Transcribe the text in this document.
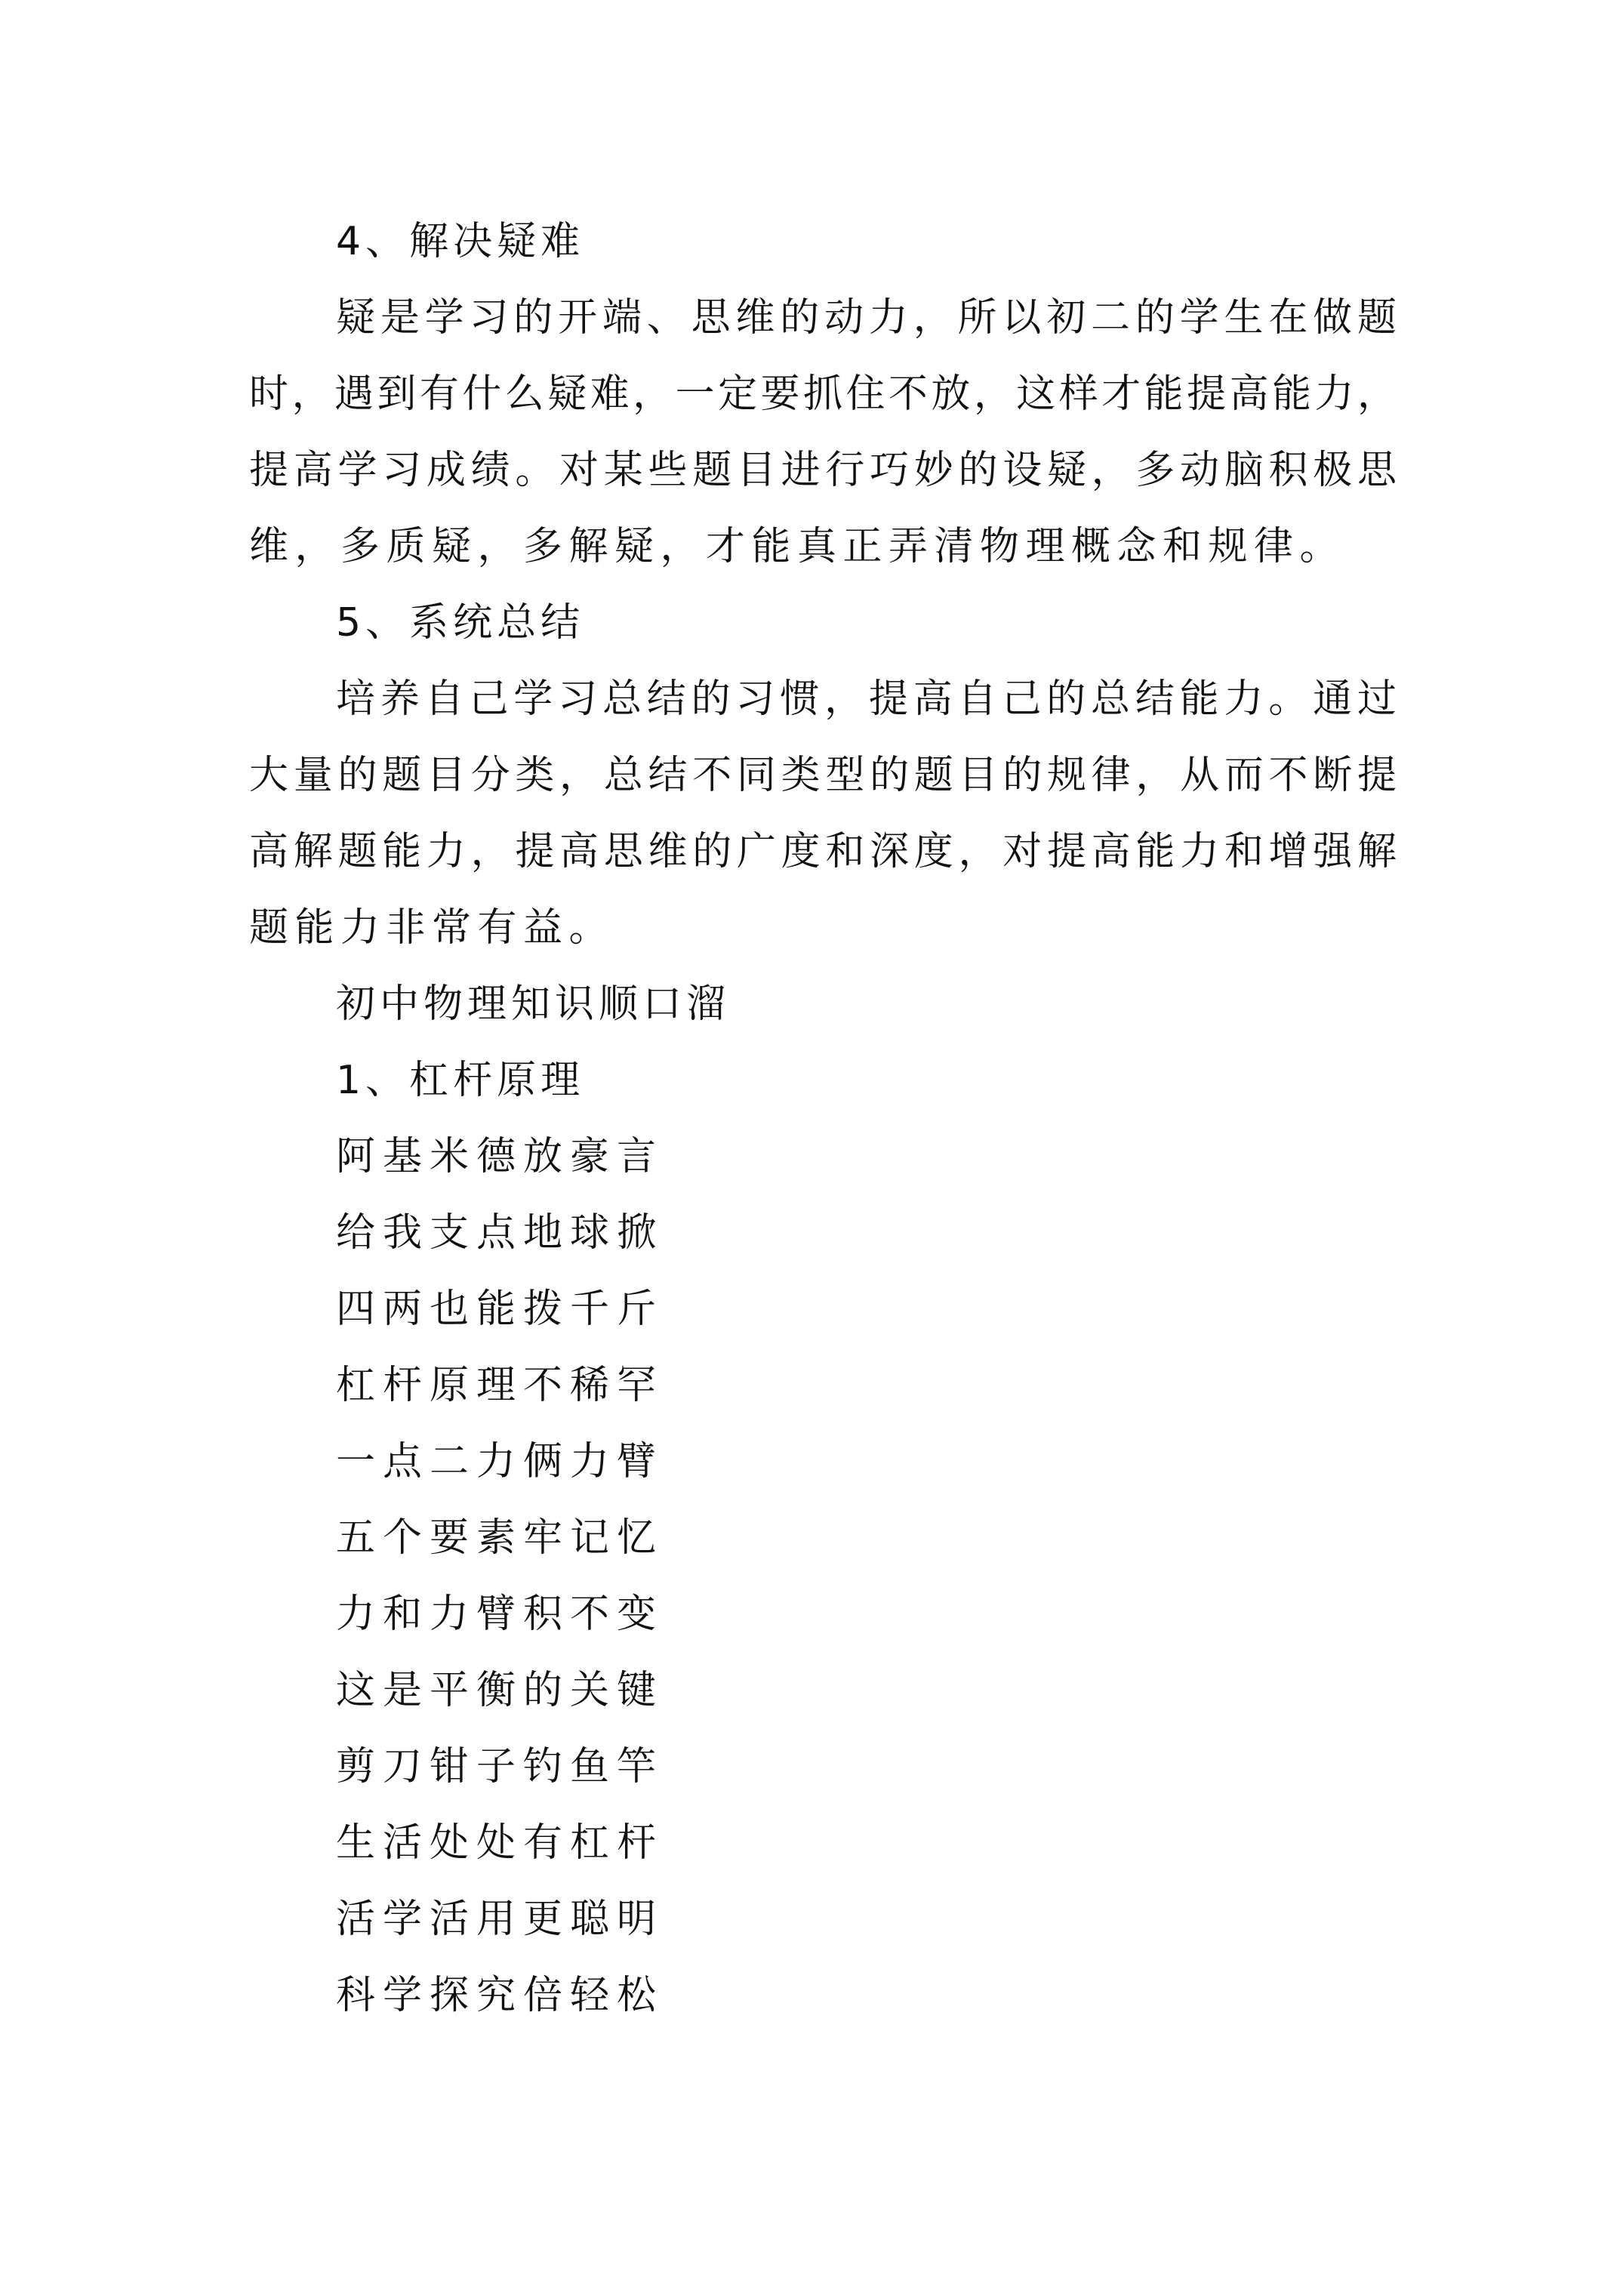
4、解决疑难
疑是学习的开端、思维的动力，所以初二的学生在做题
时，遇到有什么疑难，一定要抓住不放，这样才能提高能力，
提高学习成绩。对某些题目进行巧妙的设疑，多动脑积极思
维，多质疑，多解疑，才能真正弄清物理概念和规律。
5、系统总结
培养自己学习总结的习惯，提高自己的总结能力。通过
大量的题目分类，总结不同类型的题目的规律，从而不断提
高解题能力，提高思维的广度和深度，对提高能力和增强解
题能力非常有益。
初中物理知识顺口溜
1、杠杆原理
阿基米德放豪言
给我支点地球掀
四两也能拨千斤
杠杆原理不稀罕
一点二力俩力臂
五个要素牢记忆
力和力臂积不变
这是平衡的关键
剪刀钳子钓鱼竿
生活处处有杠杆
活学活用更聪明
科学探究倍轻松
